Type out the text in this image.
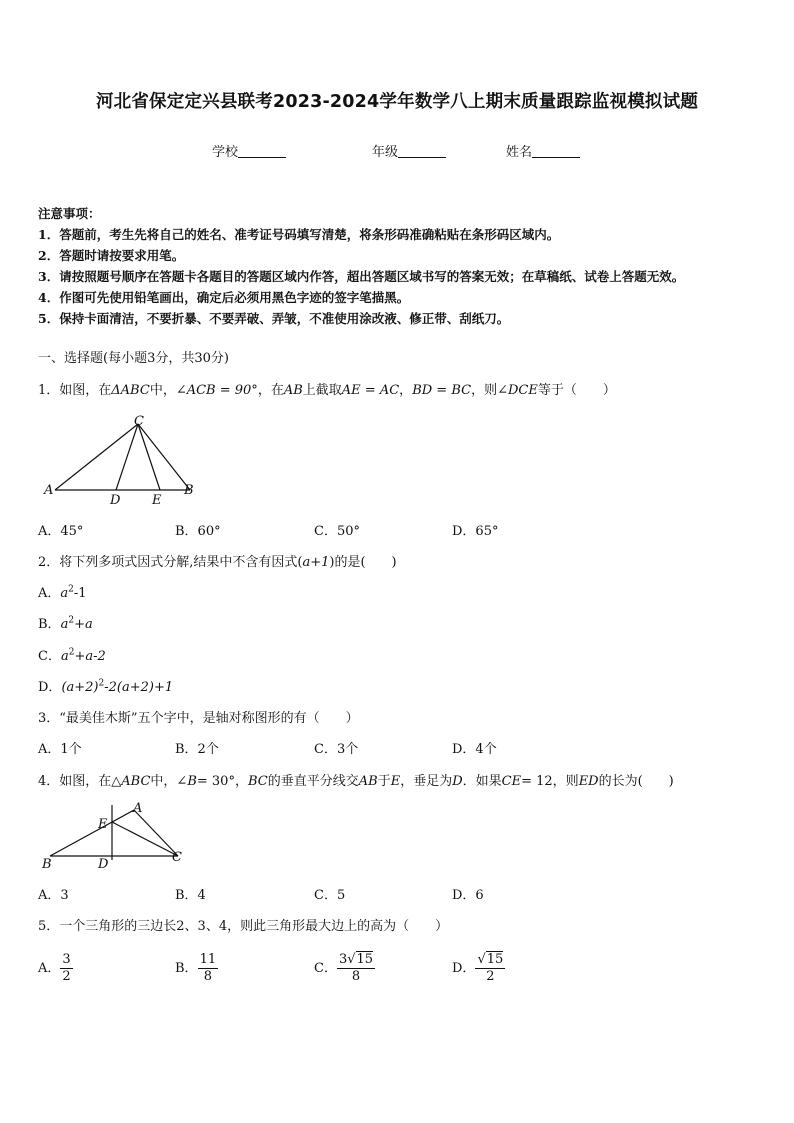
河北省保定定兴县联考2023-2024学年数学八上期末质量跟踪监视模拟试题
学校	年级	姓名
注意事项：
1．答题前，考生先将自己的姓名、准考证号码填写清楚，将条形码准确粘贴在条形码区域内。
2．答题时请按要求用笔。
3．请按照题号顺序在答题卡各题目的答题区域内作答，超出答题区域书写的答案无效；在草稿纸、试卷上答题无效。
4．作图可先使用铅笔画出，确定后必须用黑色字迹的签字笔描黑。
5．保持卡面清洁，不要折暴、不要弄破、弄皱，不准使用涂改液、修正带、刮纸刀。
一、选择题(每小题3分，共30分)
1．如图，在ΔABC中，∠ACB = 90°，在AB上截取AE = AC，BD = BC，则∠DCE等于（　　）
A	B
C
D E
A．45°	B．60°	C．50°	D．65°
2．将下列多项式因式分解,结果中不含有因式(a+1)的是(　　)
A．$a^2-1$
B．$a^2+a$
C．$a^2+a-2$
D．$(a+2)^2-2(a+2)+1$
3．“最美佳木斯”五个字中，是轴对称图形的有（　　）
A．1个	B．2个	C．3个	D．4个
4．如图，在△ABC中，∠B= 30°，BC的垂直平分线交AB于E，垂足为D．如果CE= 12，则ED的长为(　　)
B	C
A
E
D
A．3	B．4	C．5	D．6
5．一个三角形的三边长2、3、4，则此三角形最大边上的高为（　　）
A． $\frac{3}{2}$	B． $\frac{11}{8}$	C． $\frac{3√15}{8}$	D． $\frac{√15}{2}$
